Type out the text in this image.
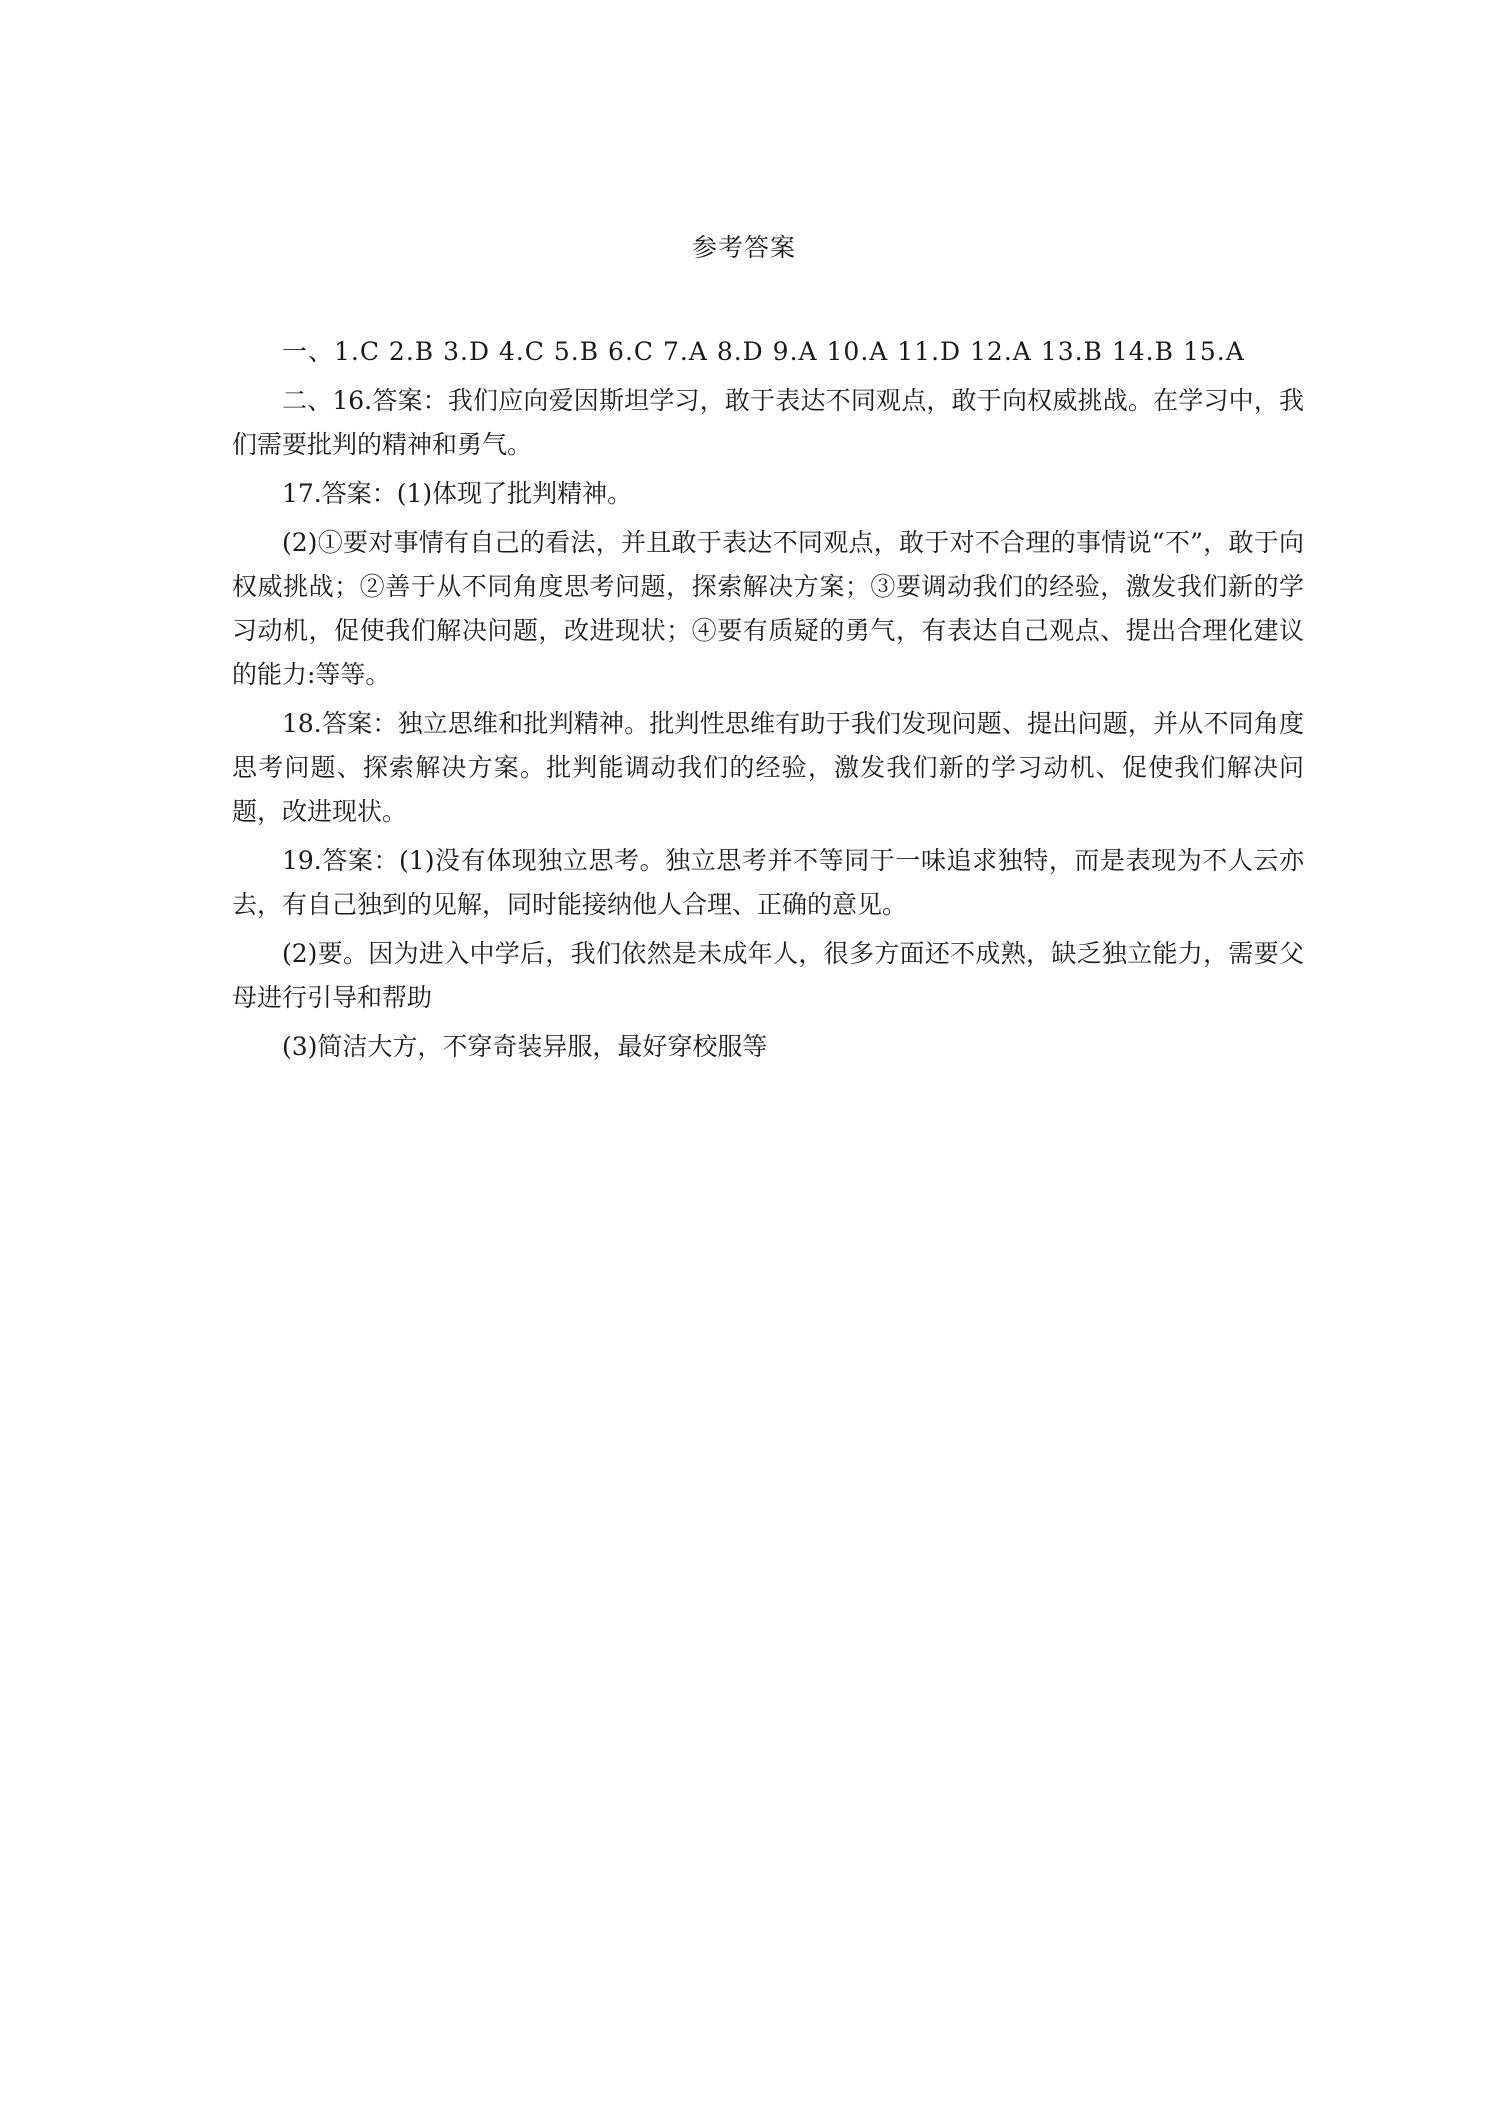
参考答案

一、1.C 2.B 3.D 4.C 5.B 6.C 7.A 8.D 9.A 10.A 11.D 12.A 13.B 14.B 15.A

二、16.答案：我们应向爱因斯坦学习，敢于表达不同观点，敢于向权威挑战。在学习中，我们需要批判的精神和勇气。

17.答案：(1)体现了批判精神。

(2)①要对事情有自己的看法，并且敢于表达不同观点，敢于对不合理的事情说“不”，敢于向权威挑战；②善于从不同角度思考问题，探索解决方案；③要调动我们的经验，激发我们新的学习动机，促使我们解决问题，改进现状；④要有质疑的勇气，有表达自己观点、提出合理化建议的能力:等等。

18.答案：独立思维和批判精神。批判性思维有助于我们发现问题、提出问题，并从不同角度思考问题、探索解决方案。批判能调动我们的经验，激发我们新的学习动机、促使我们解决问题，改进现状。

19.答案：(1)没有体现独立思考。独立思考并不等同于一味追求独特，而是表现为不人云亦去，有自己独到的见解，同时能接纳他人合理、正确的意见。

(2)要。因为进入中学后，我们依然是未成年人，很多方面还不成熟，缺乏独立能力，需要父母进行引导和帮助

(3)简洁大方，不穿奇装异服，最好穿校服等
